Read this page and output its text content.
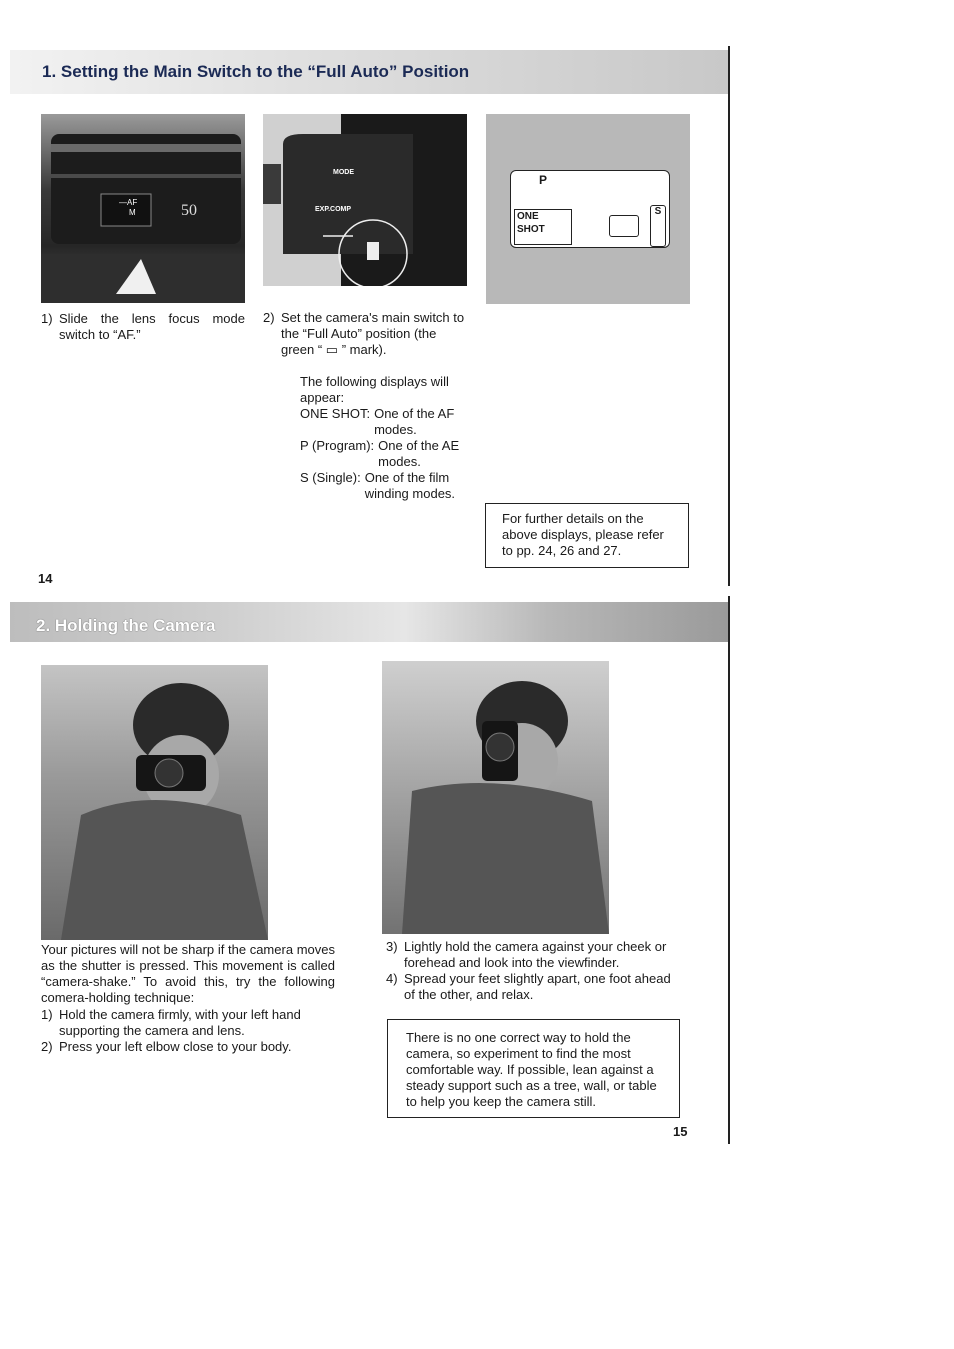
1. Setting the Main Switch to the “Full Auto” Position
—AF
M	50
MODE
EXP.COMP
P
ONE SHOT
S
1) Slide the lens focus mode switch to “AF.”
2) Set the camera's main switch to the “Full Auto” position (the green “ ▭ ” mark).
The following displays will appear:
ONE SHOT: One of the AF modes.
P (Program): One of the AE modes.
S (Single): One of the film winding modes.
For further details on the above displays, please refer to pp. 24, 26 and 27.
14
2. Holding the Camera
Your pictures will not be sharp if the camera moves as the shutter is pressed. This movement is called “camera-shake.” To avoid this, try the following comera-holding technique:
1) Hold the camera firmly, with your left hand supporting the camera and lens.
2) Press your left elbow close to your body.
3) Lightly hold the camera against your cheek or forehead and look into the viewfinder.
4) Spread your feet slightly apart, one foot ahead of the other, and relax.
There is no one correct way to hold the camera, so experiment to find the most comfortable way. If possible, lean against a steady support such as a tree, wall, or table to help you keep the camera still.
15
